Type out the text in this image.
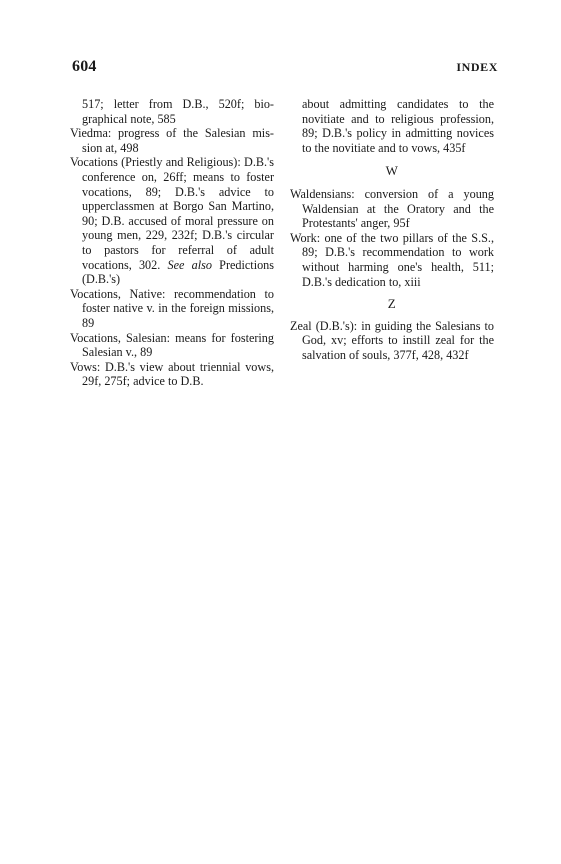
604	INDEX

517; letter from D.B., 520f; bio-graphical note, 585

Viedma: progress of the Salesian mis-sion at, 498

Vocations (Priestly and Religious): D.B.'s conference on, 26ff; means to foster vocations, 89; D.B.'s advice to upperclassmen at Borgo San Martino, 90; D.B. accused of moral pressure on young men, 229, 232f; D.B.'s circular to pastors for referral of adult vocations, 302. See also Predictions (D.B.'s)

Vocations, Native: recommendation to foster native v. in the foreign missions, 89

Vocations, Salesian: means for fostering Salesian v., 89

Vows: D.B.'s view about triennial vows, 29f, 275f; advice to D.B.

about admitting candidates to the novitiate and to religious profession, 89; D.B.'s policy in admitting novices to the novitiate and to vows, 435f

W

Waldensians: conversion of a young Waldensian at the Oratory and the Protestants' anger, 95f

Work: one of the two pillars of the S.S., 89; D.B.'s recommendation to work without harming one's health, 511; D.B.'s dedication to, xiii

Z

Zeal (D.B.'s): in guiding the Salesians to God, xv; efforts to instill zeal for the salvation of souls, 377f, 428, 432f
